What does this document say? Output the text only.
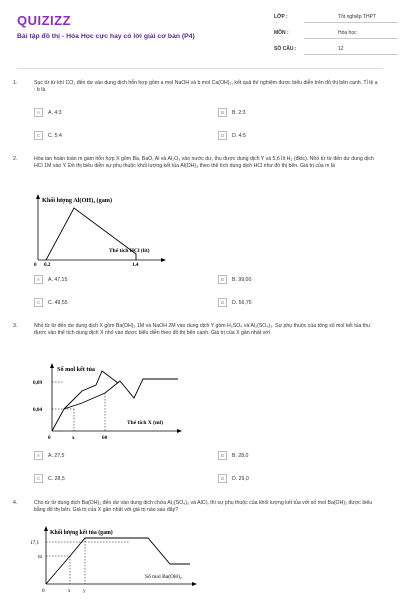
QUIZIZZ
Bài tập đồ thị - Hóa Học cực hay có lời giải cơ bản (P4)
LỚP :	Tốt nghiệp THPT
MÔN :	Hóa học
SỐ CÂU :	12
1.	Sục từ từ khí CO₂ đến dư vào dung dịch hỗn hợp gồm a mol NaOH và b mol Ca(OH)₂, kết quả thí nghiệm được biểu diễn trên đồ thị bên cạnh. Tỉ lệ a : b là
A	A. 4:3	B	B. 2:3
C	C. 5:4	D	D. 4:5
2.	Hòa tan hoàn toàn m gam hỗn hợp X gồm Ba, BaO, Al và Al₂O₃ vào nước dư, thu được dung dịch Y và 5,6 lít H₂ (đktc). Nhỏ từ từ đến dư dung dịch HCl 1M vào Y. Đồ thị biểu diễn sự phụ thuộc khối lượng kết tủa Al(OH)₃ theo thể tích dung dịch HCl như đồ thị bên. Giá trị của m là
Khối lượng Al(OH)₃ (gam)
Thể tích HCl (lít)
0 0,2	1,4
A	A. 47,15	B	B. 99,00
C	C. 49,55	D	D. 56,75
3.	Nhỏ từ từ đến dư dung dịch X gồm Ba(OH)₂ 1M và NaOH 2M vào dung dịch Y gồm H₂SO₄ và Al₂(SO₄)₃. Sự phụ thuộc của tổng số mol kết tủa thu được vào thể tích dung dịch X nhỏ vào được biểu diễn theo đồ thị bên cạnh. Giá trị của X gần nhất với
Số mol kết tủa
Thể tích X (ml)
0,09
0,04
0	x	60
A	A. 27,5	B	B. 28,0
C	C. 28,5	D	D. 29,0
4.	Cho từ từ dung dịch Ba(OH)₂ đến dư vào dung dịch chứa Al₂(SO₄)₃ và AlCl₃ thì sự phụ thuộc của khối lượng kết tủa với số mol Ba(OH)₂ được biểu bằng đồ thị bên. Giá trị của X gần nhất với giá trị nào sau đây?
Khối lượng kết tủa (gam)
Số mol Ba(OH)₂
17,1
m
0	x y
